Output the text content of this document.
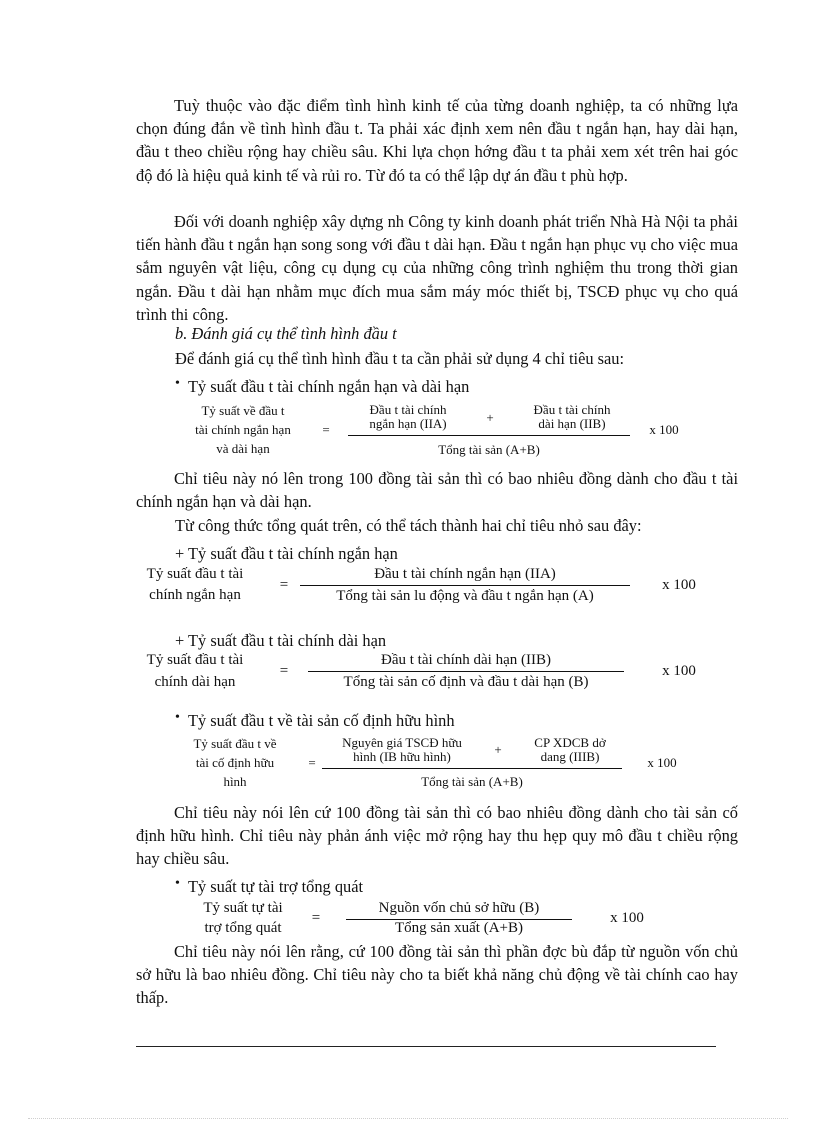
Tuỳ thuộc vào đặc điểm tình hình kinh tế của từng doanh nghiệp, ta có những lựa chọn đúng đắn về tình hình đầu t. Ta phải xác định xem nên đầu t ngắn hạn, hay dài hạn, đầu t theo chiều rộng hay chiều sâu. Khi lựa chọn hớng đầu t ta phải xem xét trên hai góc độ đó là hiệu quả kinh tế và rủi ro. Từ đó ta có thể lập dự án đầu t phù hợp.

Đối với doanh nghiệp xây dựng nh Công ty kinh doanh phát triển Nhà Hà Nội ta phải tiến hành đầu t ngắn hạn song song với đầu t dài hạn. Đầu t ngắn hạn phục vụ cho việc mua sắm nguyên vật liệu, công cụ dụng cụ của những công trình nghiệm thu trong thời gian ngắn. Đầu t dài hạn nhằm mục đích mua sắm máy móc thiết bị, TSCĐ phục vụ cho quá trình thi công.

b. Đánh giá cụ thể tình hình đầu t
Để đánh giá cụ thể tình hình đầu t ta cần phải sử dụng 4 chỉ tiêu sau:
• Tỷ suất đầu t tài chính ngắn hạn và dài hạn
Tỷ suất về đầu t
tài chính ngắn hạn
và dài hạn
=
Đầu t tài chính
ngắn hạn (IIA)	+
Đầu t tài chính
dài hạn (IIB)
Tổng tài sản (A+B)
x 100

Chỉ tiêu này nó lên trong 100 đồng tài sản thì có bao nhiêu đồng dành cho đầu t tài chính ngắn hạn và dài hạn.

Từ công thức tổng quát trên, có thể tách thành hai chỉ tiêu nhỏ sau đây:
+ Tỷ suất đầu t tài chính ngắn hạn
Tỷ suất đầu t tài
chính ngắn hạn
=
Đầu t tài chính ngắn hạn (IIA)
Tổng tài sản lu động và đầu t ngắn hạn (A)
x 100
+ Tỷ suất đầu t tài chính dài hạn
Tỷ suất đầu t tài
chính dài hạn
=
Đầu t tài chính dài hạn (IIB)
Tổng tài sản cố định và đầu t dài hạn (B)
x 100
• Tỷ suất đầu t về tài sản cố định hữu hình
Tỷ suất đầu t về
tài cố định hữu
hình
=
Nguyên giá TSCĐ hữu
hình (IB hữu hình)	+	CP XDCB dở
dang (IIIB)
Tổng tài sản (A+B)
x 100

Chỉ tiêu này nói lên cứ 100 đồng tài sản thì có bao nhiêu đồng dành cho tài sản cố định hữu hình. Chỉ tiêu này phản ánh việc mở rộng hay thu hẹp quy mô đầu t chiều rộng hay chiều sâu.

• Tỷ suất tự tài trợ tổng quát
Tỷ suất tự tài
trợ tổng quát
=
Nguồn vốn chủ sở hữu (B)
Tổng sản xuất (A+B)
x 100

Chỉ tiêu này nói lên rằng, cứ 100 đồng tài sản thì phần đợc bù đắp từ nguồn vốn chủ sở hữu là bao nhiêu đồng. Chỉ tiêu này cho ta biết khả năng chủ động về tài chính cao hay thấp.
